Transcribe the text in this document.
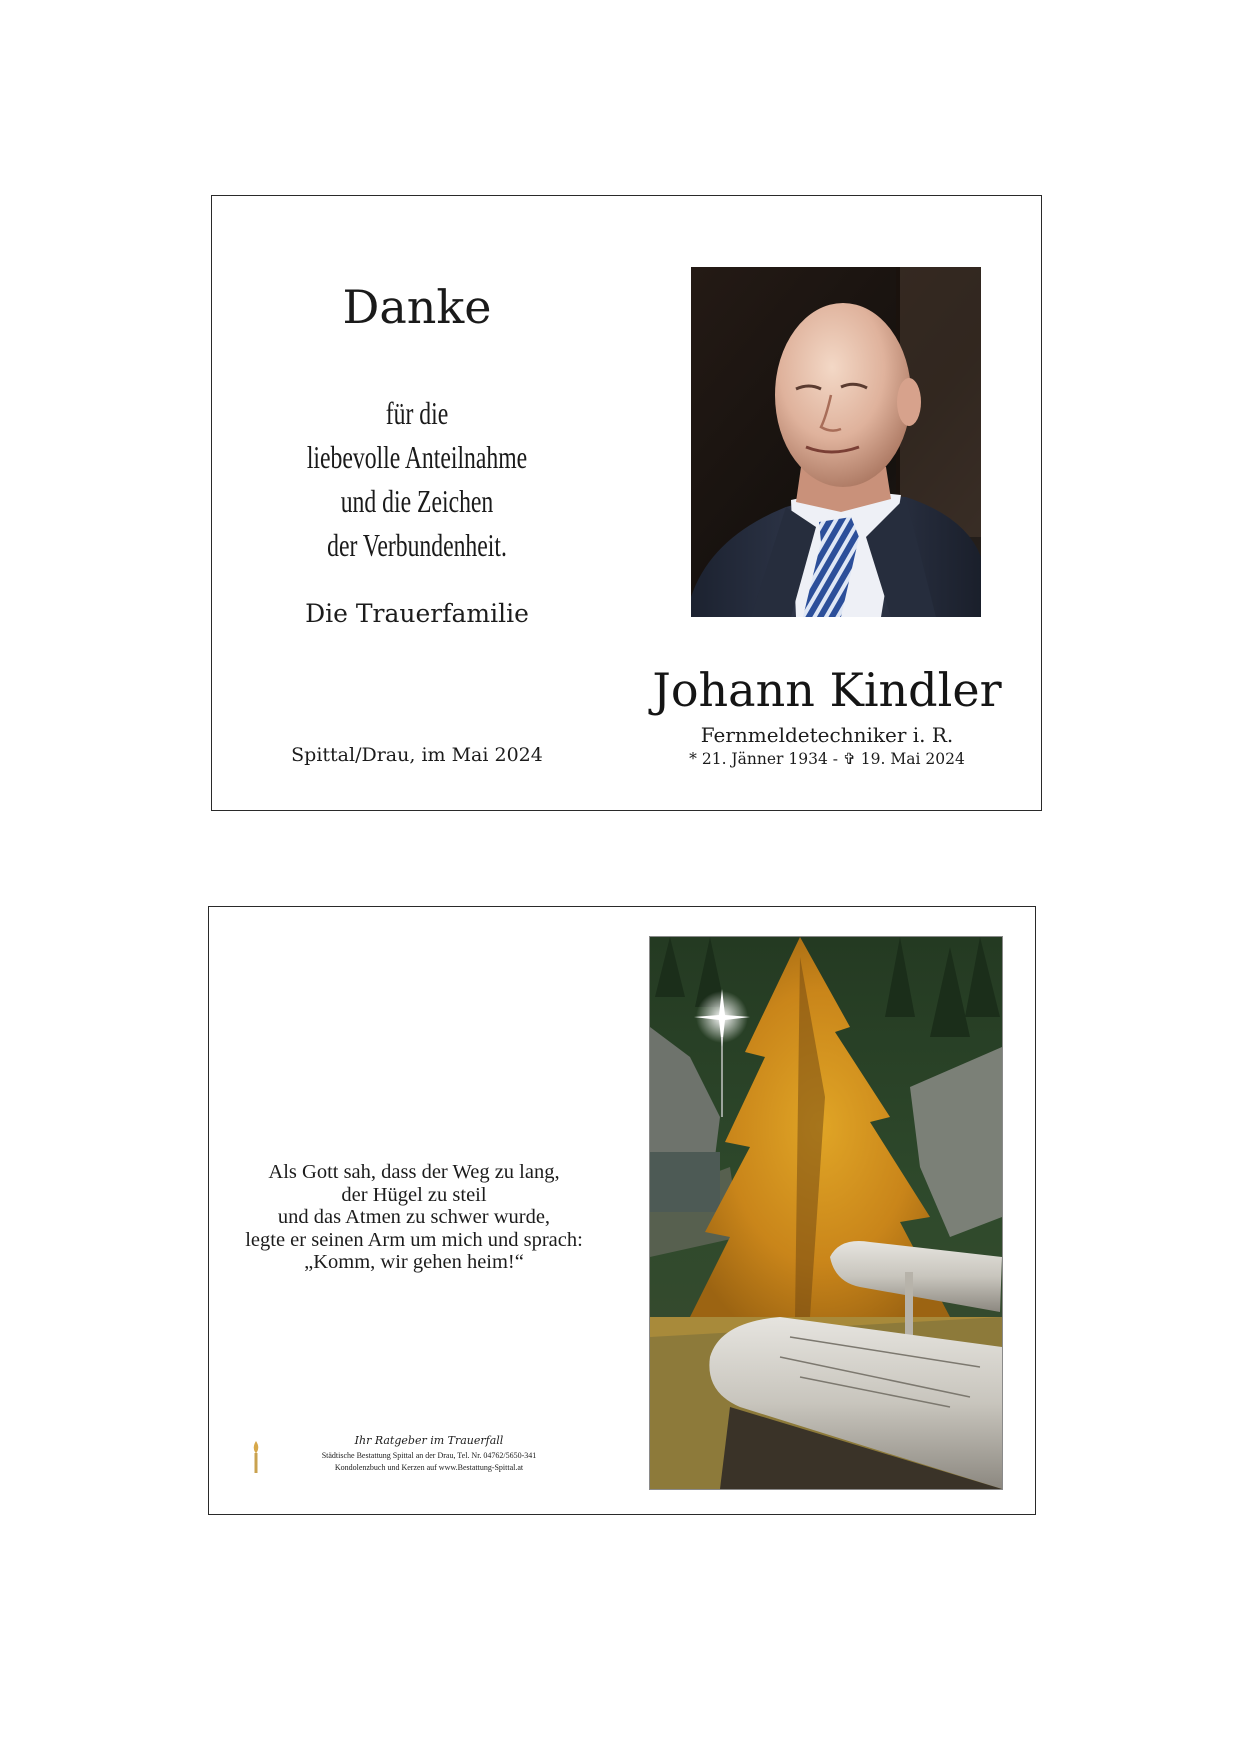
Danke
für die
liebevolle Anteilnahme
und die Zeichen
der Verbundenheit.
Die Trauerfamilie
Spittal/Drau, im Mai 2024
Johann Kindler
Fernmeldetechniker i. R.
* 21. Jänner 1934 - ✞ 19. Mai 2024
Als Gott sah, dass der Weg zu lang,
der Hügel zu steil
und das Atmen zu schwer wurde,
legte er seinen Arm um mich und sprach:
„Komm, wir gehen heim!“
Ihr Ratgeber im Trauerfall
Städtische Bestattung Spittal an der Drau, Tel. Nr. 04762/5650-341
Kondolenzbuch und Kerzen auf www.Bestattung-Spittal.at
